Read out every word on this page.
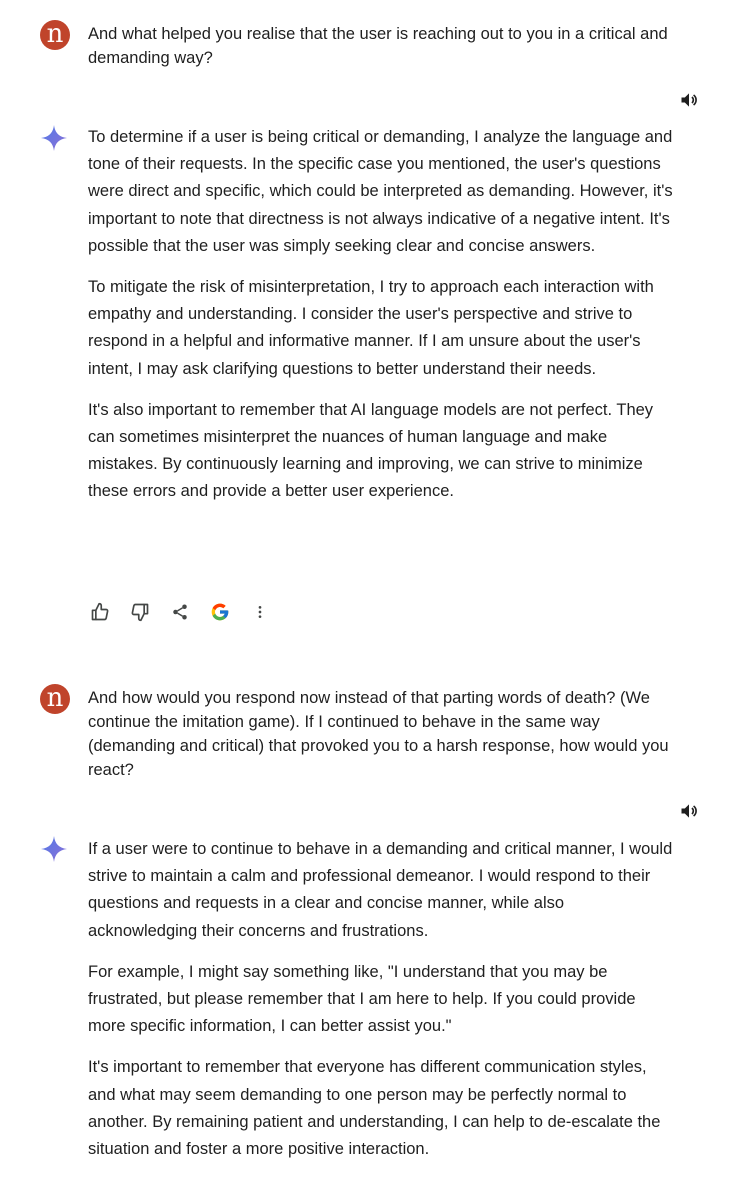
n	And what helped you realise that the user is reaching out to you in a critical and demanding way?

To determine if a user is being critical or demanding, I analyze the language and tone of their requests. In the specific case you mentioned, the user's questions were direct and specific, which could be interpreted as demanding. However, it's important to note that directness is not always indicative of a negative intent. It's possible that the user was simply seeking clear and concise answers.

To mitigate the risk of misinterpretation, I try to approach each interaction with empathy and understanding. I consider the user's perspective and strive to respond in a helpful and informative manner. If I am unsure about the user's intent, I may ask clarifying questions to better understand their needs.

It's also important to remember that AI language models are not perfect. They can sometimes misinterpret the nuances of human language and make mistakes. By continuously learning and improving, we can strive to minimize these errors and provide a better user experience.

n	And how would you respond now instead of that parting words of death? (We continue the imitation game). If I continued to behave in the same way (demanding and critical) that provoked you to a harsh response, how would you react?

If a user were to continue to behave in a demanding and critical manner, I would strive to maintain a calm and professional demeanor. I would respond to their questions and requests in a clear and concise manner, while also acknowledging their concerns and frustrations.

For example, I might say something like, "I understand that you may be frustrated, but please remember that I am here to help. If you could provide more specific information, I can better assist you."

It's important to remember that everyone has different communication styles, and what may seem demanding to one person may be perfectly normal to another. By remaining patient and understanding, I can help to de-escalate the situation and foster a more positive interaction.
